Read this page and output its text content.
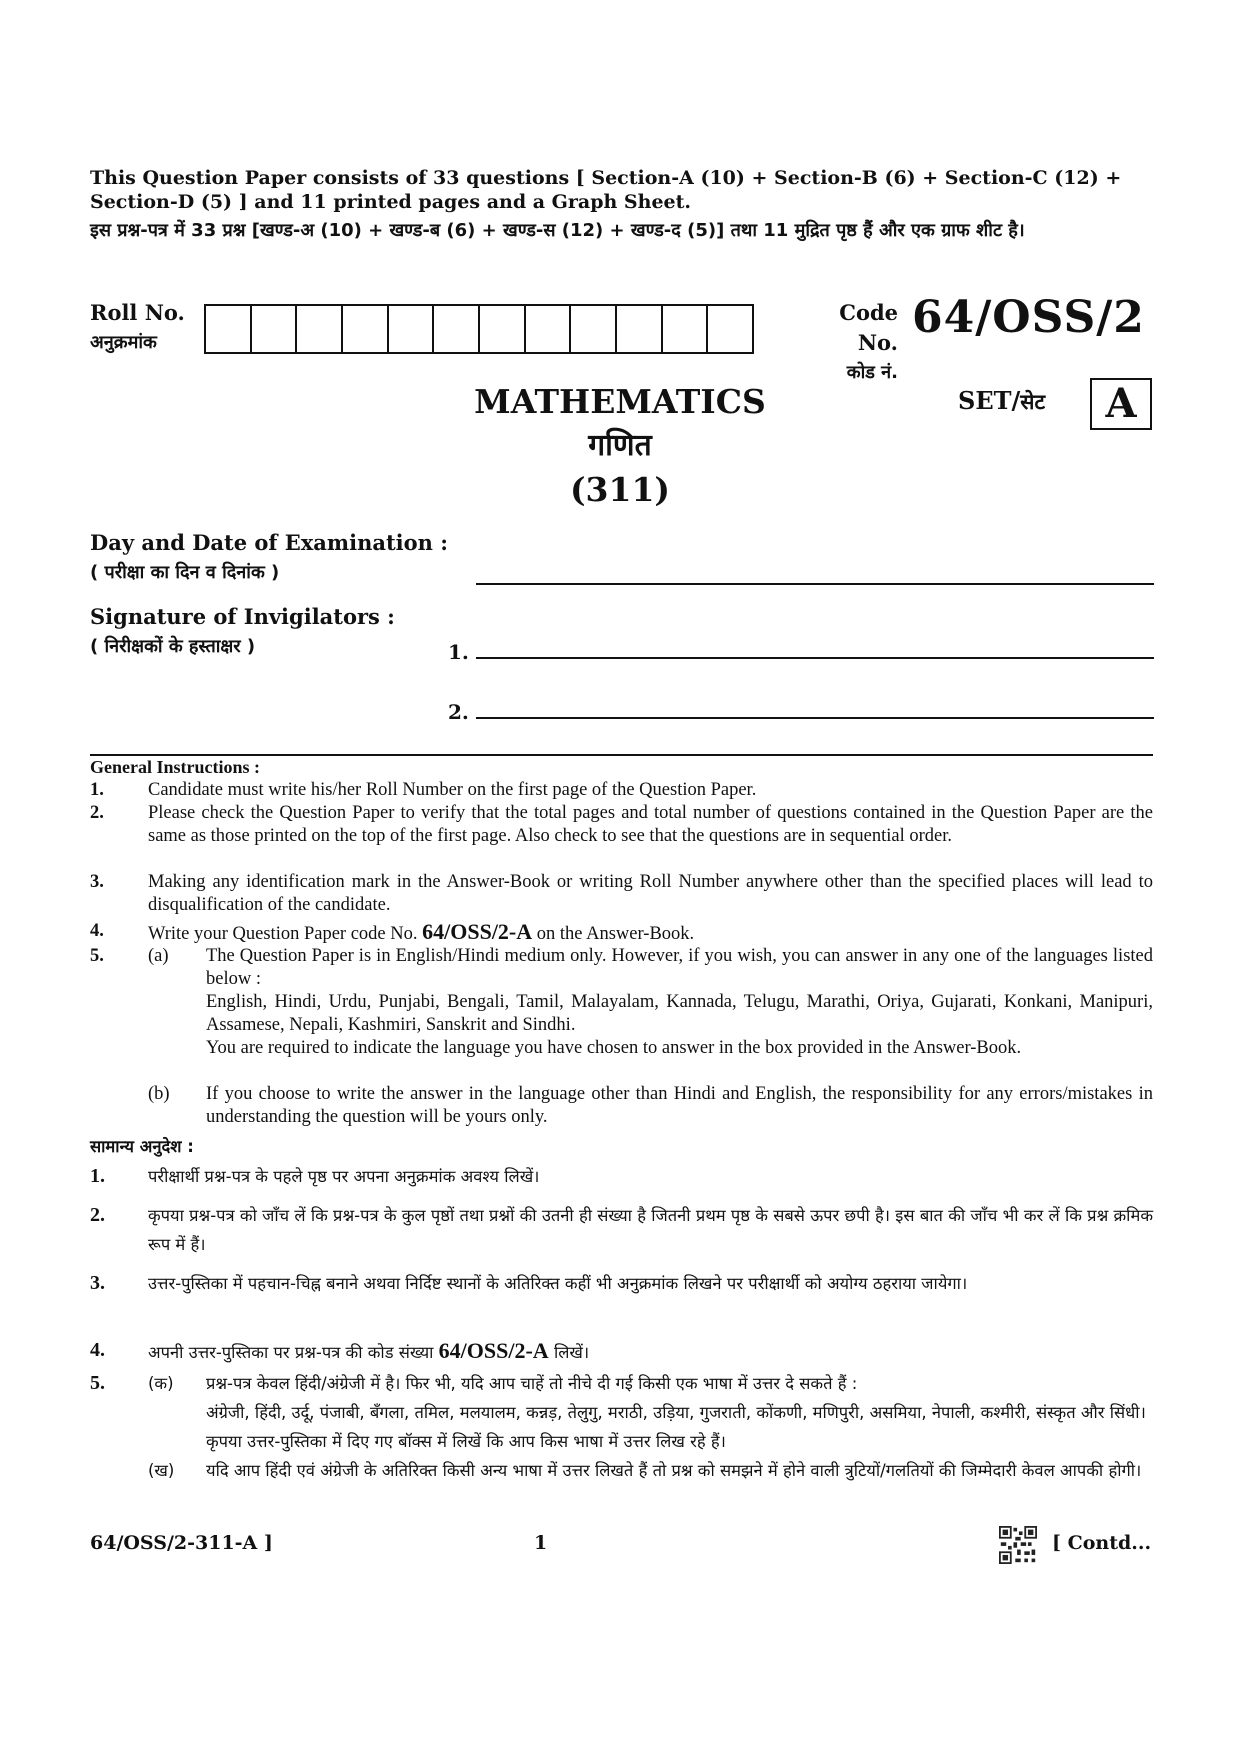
This Question Paper consists of 33 questions [ Section-A (10) + Section-B (6) + Section-C (12) + Section-D (5) ] and 11 printed pages and a Graph Sheet.
इस प्रश्न-पत्र में 33 प्रश्न [खण्ड-अ (10) + खण्ड-ब (6) + खण्ड-स (12) + खण्ड-द (5)] तथा 11 मुद्रित पृष्ठ हैं और एक ग्राफ शीट है।
Roll No.
अनुक्रमांक
Code No.
कोड नं.
64/OSS/2
MATHEMATICS
गणित
(311)
SET/सेट	A
Day and Date of Examination :
( परीक्षा का दिन व दिनांक )
Signature of Invigilators :
( निरीक्षकों के हस्ताक्षर )	1.
2.
General Instructions :
1. Candidate must write his/her Roll Number on the first page of the Question Paper.
2. Please check the Question Paper to verify that the total pages and total number of questions contained in the Question Paper are the same as those printed on the top of the first page. Also check to see that the questions are in sequential order.
3. Making any identification mark in the Answer-Book or writing Roll Number anywhere other than the specified places will lead to disqualification of the candidate.
4. Write your Question Paper code No. 64/OSS/2-A on the Answer-Book.
5. (a) The Question Paper is in English/Hindi medium only. However, if you wish, you can answer in any one of the languages listed below :
English, Hindi, Urdu, Punjabi, Bengali, Tamil, Malayalam, Kannada, Telugu, Marathi, Oriya, Gujarati, Konkani, Manipuri, Assamese, Nepali, Kashmiri, Sanskrit and Sindhi.
You are required to indicate the language you have chosen to answer in the box provided in the Answer-Book.
(b) If you choose to write the answer in the language other than Hindi and English, the responsibility for any errors/mistakes in understanding the question will be yours only.
सामान्य अनुदेश :
1.	परीक्षार्थी प्रश्न-पत्र के पहले पृष्ठ पर अपना अनुक्रमांक अवश्य लिखें।
2.	कृपया प्रश्न-पत्र को जाँच लें कि प्रश्न-पत्र के कुल पृष्ठों तथा प्रश्नों की उतनी ही संख्या है जितनी प्रथम पृष्ठ के सबसे ऊपर छपी है। इस बात की जाँच भी कर लें कि प्रश्न क्रमिक रूप में हैं।
3.	उत्तर-पुस्तिका में पहचान-चिह्न बनाने अथवा निर्दिष्ट स्थानों के अतिरिक्त कहीं भी अनुक्रमांक लिखने पर परीक्षार्थी को अयोग्य ठहराया जायेगा।
4.	अपनी उत्तर-पुस्तिका पर प्रश्न-पत्र की कोड संख्या 64/OSS/2-A लिखें।
5.	(क) प्रश्न-पत्र केवल हिंदी/अंग्रेजी में है। फिर भी, यदि आप चाहें तो नीचे दी गई किसी एक भाषा में उत्तर दे सकते हैं :
अंग्रेजी, हिंदी, उर्दू, पंजाबी, बँगला, तमिल, मलयालम, कन्नड़, तेलुगु, मराठी, उड़िया, गुजराती, कोंकणी, मणिपुरी, असमिया, नेपाली, कश्मीरी, संस्कृत और सिंधी।
कृपया उत्तर-पुस्तिका में दिए गए बॉक्स में लिखें कि आप किस भाषा में उत्तर लिख रहे हैं।
(ख) यदि आप हिंदी एवं अंग्रेजी के अतिरिक्त किसी अन्य भाषा में उत्तर लिखते हैं तो प्रश्न को समझने में होने वाली त्रुटियों/गलतियों की जिम्मेदारी केवल आपकी होगी।
64/OSS/2-311-A ]	1	[ Contd...
